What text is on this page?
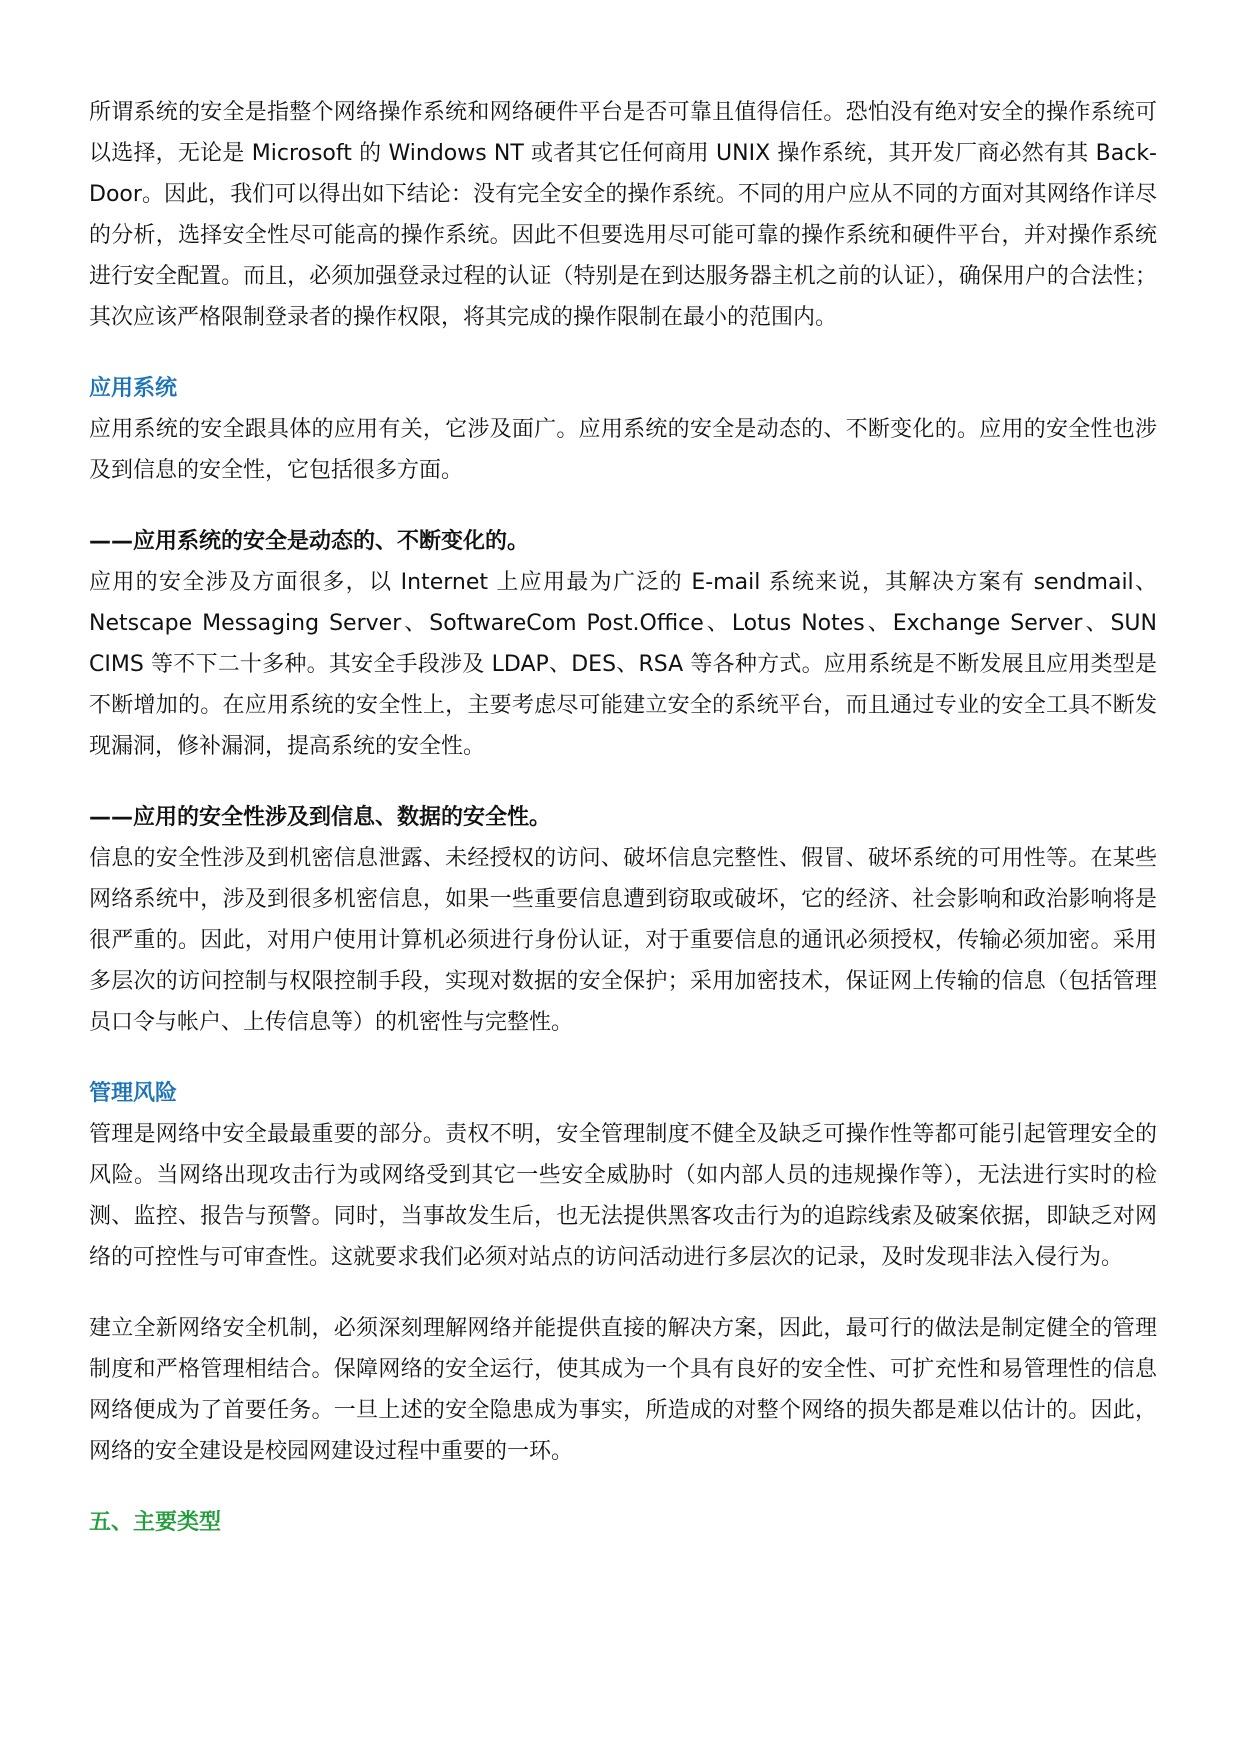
所谓系统的安全是指整个网络操作系统和网络硬件平台是否可靠且值得信任。恐怕没有绝对安全的操作系统可以选择，无论是 Microsoft 的 Windows NT 或者其它任何商用 UNIX 操作系统，其开发厂商必然有其 Back-Door。因此，我们可以得出如下结论：没有完全安全的操作系统。不同的用户应从不同的方面对其网络作详尽的分析，选择安全性尽可能高的操作系统。因此不但要选用尽可能可靠的操作系统和硬件平台，并对操作系统进行安全配置。而且，必须加强登录过程的认证（特别是在到达服务器主机之前的认证），确保用户的合法性；其次应该严格限制登录者的操作权限，将其完成的操作限制在最小的范围内。

应用系统

应用系统的安全跟具体的应用有关，它涉及面广。应用系统的安全是动态的、不断变化的。应用的安全性也涉及到信息的安全性，它包括很多方面。

——应用系统的安全是动态的、不断变化的。

应用的安全涉及方面很多，以 Internet 上应用最为广泛的 E-mail 系统来说，其解决方案有 sendmail、Netscape Messaging Server、SoftwareCom Post.Office、Lotus Notes、Exchange Server、SUN CIMS 等不下二十多种。其安全手段涉及 LDAP、DES、RSA 等各种方式。应用系统是不断发展且应用类型是不断增加的。在应用系统的安全性上，主要考虑尽可能建立安全的系统平台，而且通过专业的安全工具不断发现漏洞，修补漏洞，提高系统的安全性。

——应用的安全性涉及到信息、数据的安全性。

信息的安全性涉及到机密信息泄露、未经授权的访问、破坏信息完整性、假冒、破坏系统的可用性等。在某些网络系统中，涉及到很多机密信息，如果一些重要信息遭到窃取或破坏，它的经济、社会影响和政治影响将是很严重的。因此，对用户使用计算机必须进行身份认证，对于重要信息的通讯必须授权，传输必须加密。采用多层次的访问控制与权限控制手段，实现对数据的安全保护；采用加密技术，保证网上传输的信息（包括管理员口令与帐户、上传信息等）的机密性与完整性。

管理风险

管理是网络中安全最最重要的部分。责权不明，安全管理制度不健全及缺乏可操作性等都可能引起管理安全的风险。当网络出现攻击行为或网络受到其它一些安全威胁时（如内部人员的违规操作等），无法进行实时的检测、监控、报告与预警。同时，当事故发生后，也无法提供黑客攻击行为的追踪线索及破案依据，即缺乏对网络的可控性与可审查性。这就要求我们必须对站点的访问活动进行多层次的记录，及时发现非法入侵行为。

建立全新网络安全机制，必须深刻理解网络并能提供直接的解决方案，因此，最可行的做法是制定健全的管理制度和严格管理相结合。保障网络的安全运行，使其成为一个具有良好的安全性、可扩充性和易管理性的信息网络便成为了首要任务。一旦上述的安全隐患成为事实，所造成的对整个网络的损失都是难以估计的。因此，网络的安全建设是校园网建设过程中重要的一环。

五、主要类型
